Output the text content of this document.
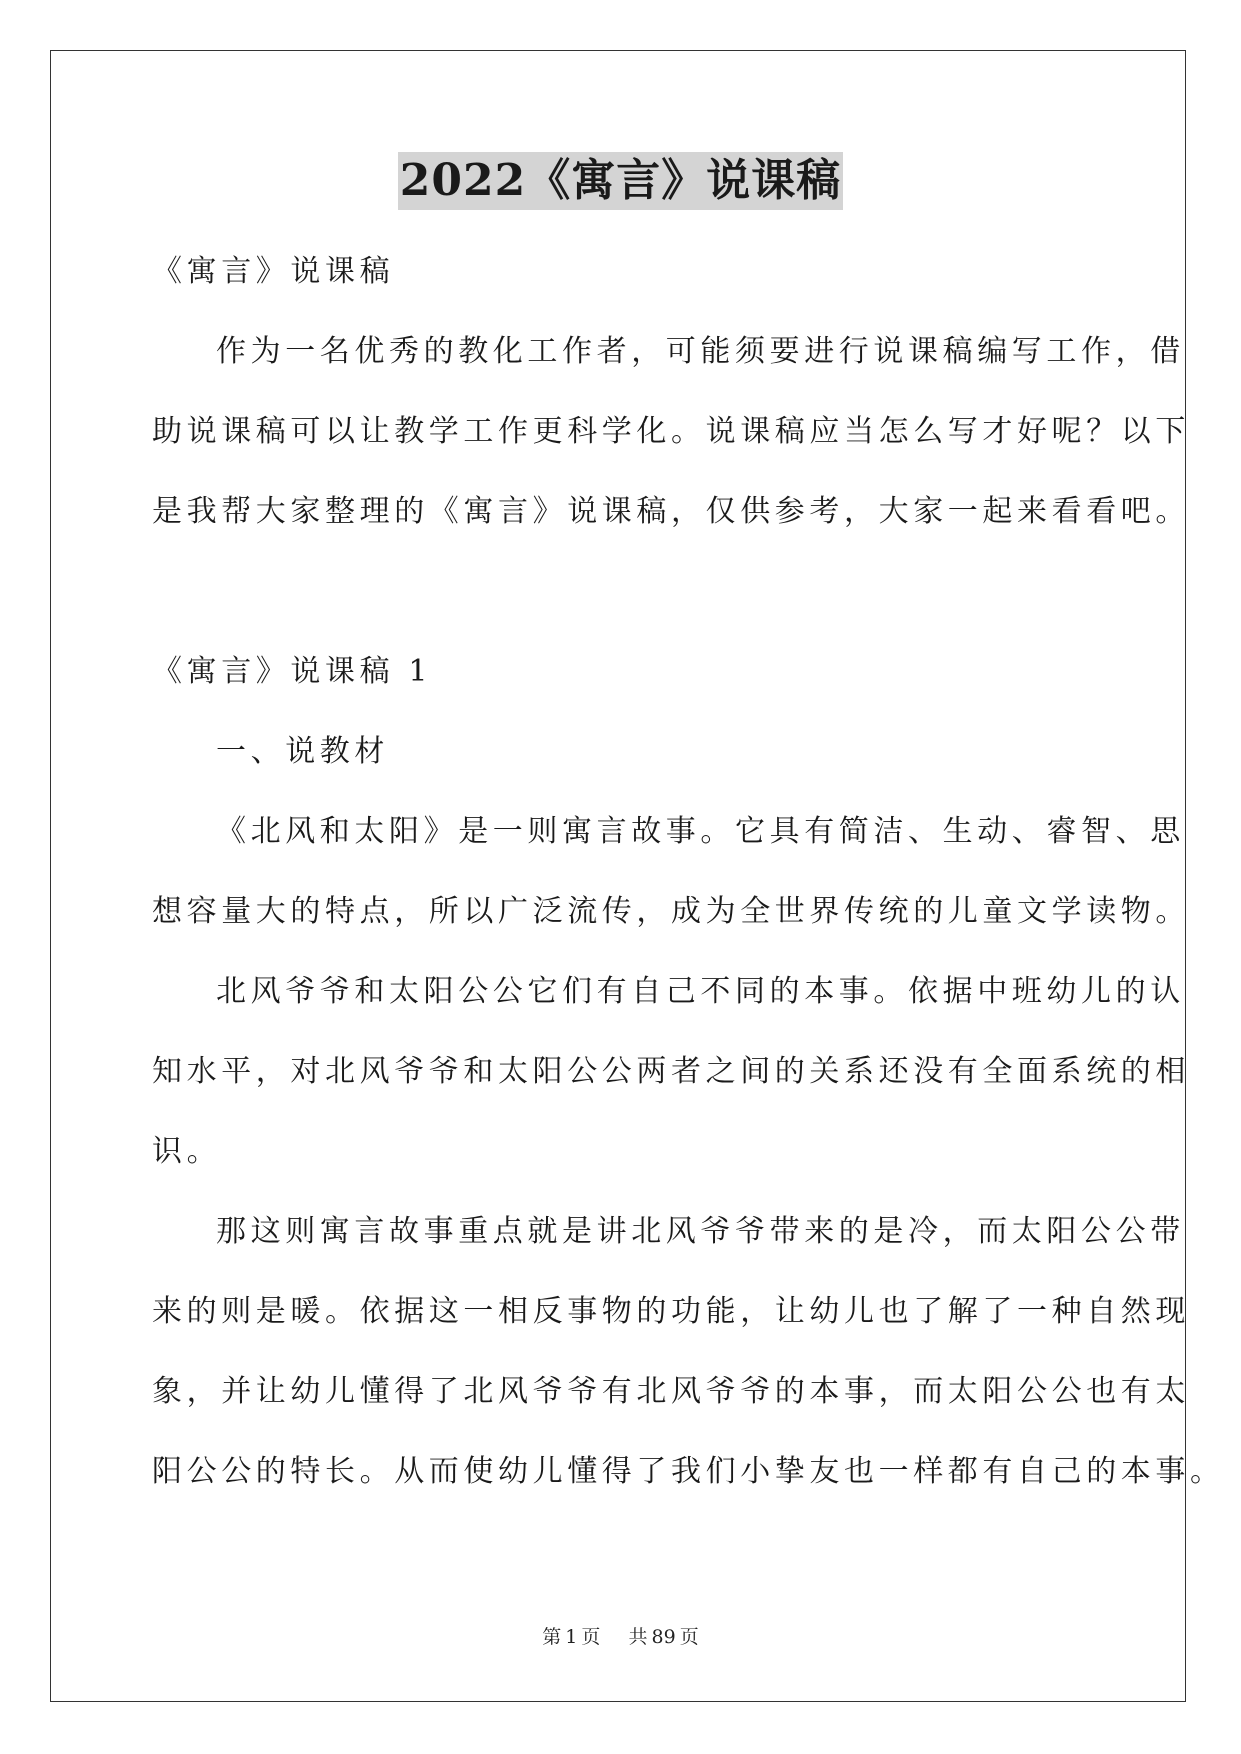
2022《寓言》说课稿

《寓言》说课稿

作为一名优秀的教化工作者，可能须要进行说课稿编写工作，借

助说课稿可以让教学工作更科学化。说课稿应当怎么写才好呢？以下

是我帮大家整理的《寓言》说课稿，仅供参考，大家一起来看看吧。

《寓言》说课稿 1

一、说教材

《北风和太阳》是一则寓言故事。它具有简洁、生动、睿智、思

想容量大的特点，所以广泛流传，成为全世界传统的儿童文学读物。

北风爷爷和太阳公公它们有自己不同的本事。依据中班幼儿的认

知水平，对北风爷爷和太阳公公两者之间的关系还没有全面系统的相

识。

那这则寓言故事重点就是讲北风爷爷带来的是冷，而太阳公公带

来的则是暖。依据这一相反事物的功能，让幼儿也了解了一种自然现

象，并让幼儿懂得了北风爷爷有北风爷爷的本事，而太阳公公也有太

阳公公的特长。从而使幼儿懂得了我们小挚友也一样都有自己的本事。

第 1 页 共 89 页
